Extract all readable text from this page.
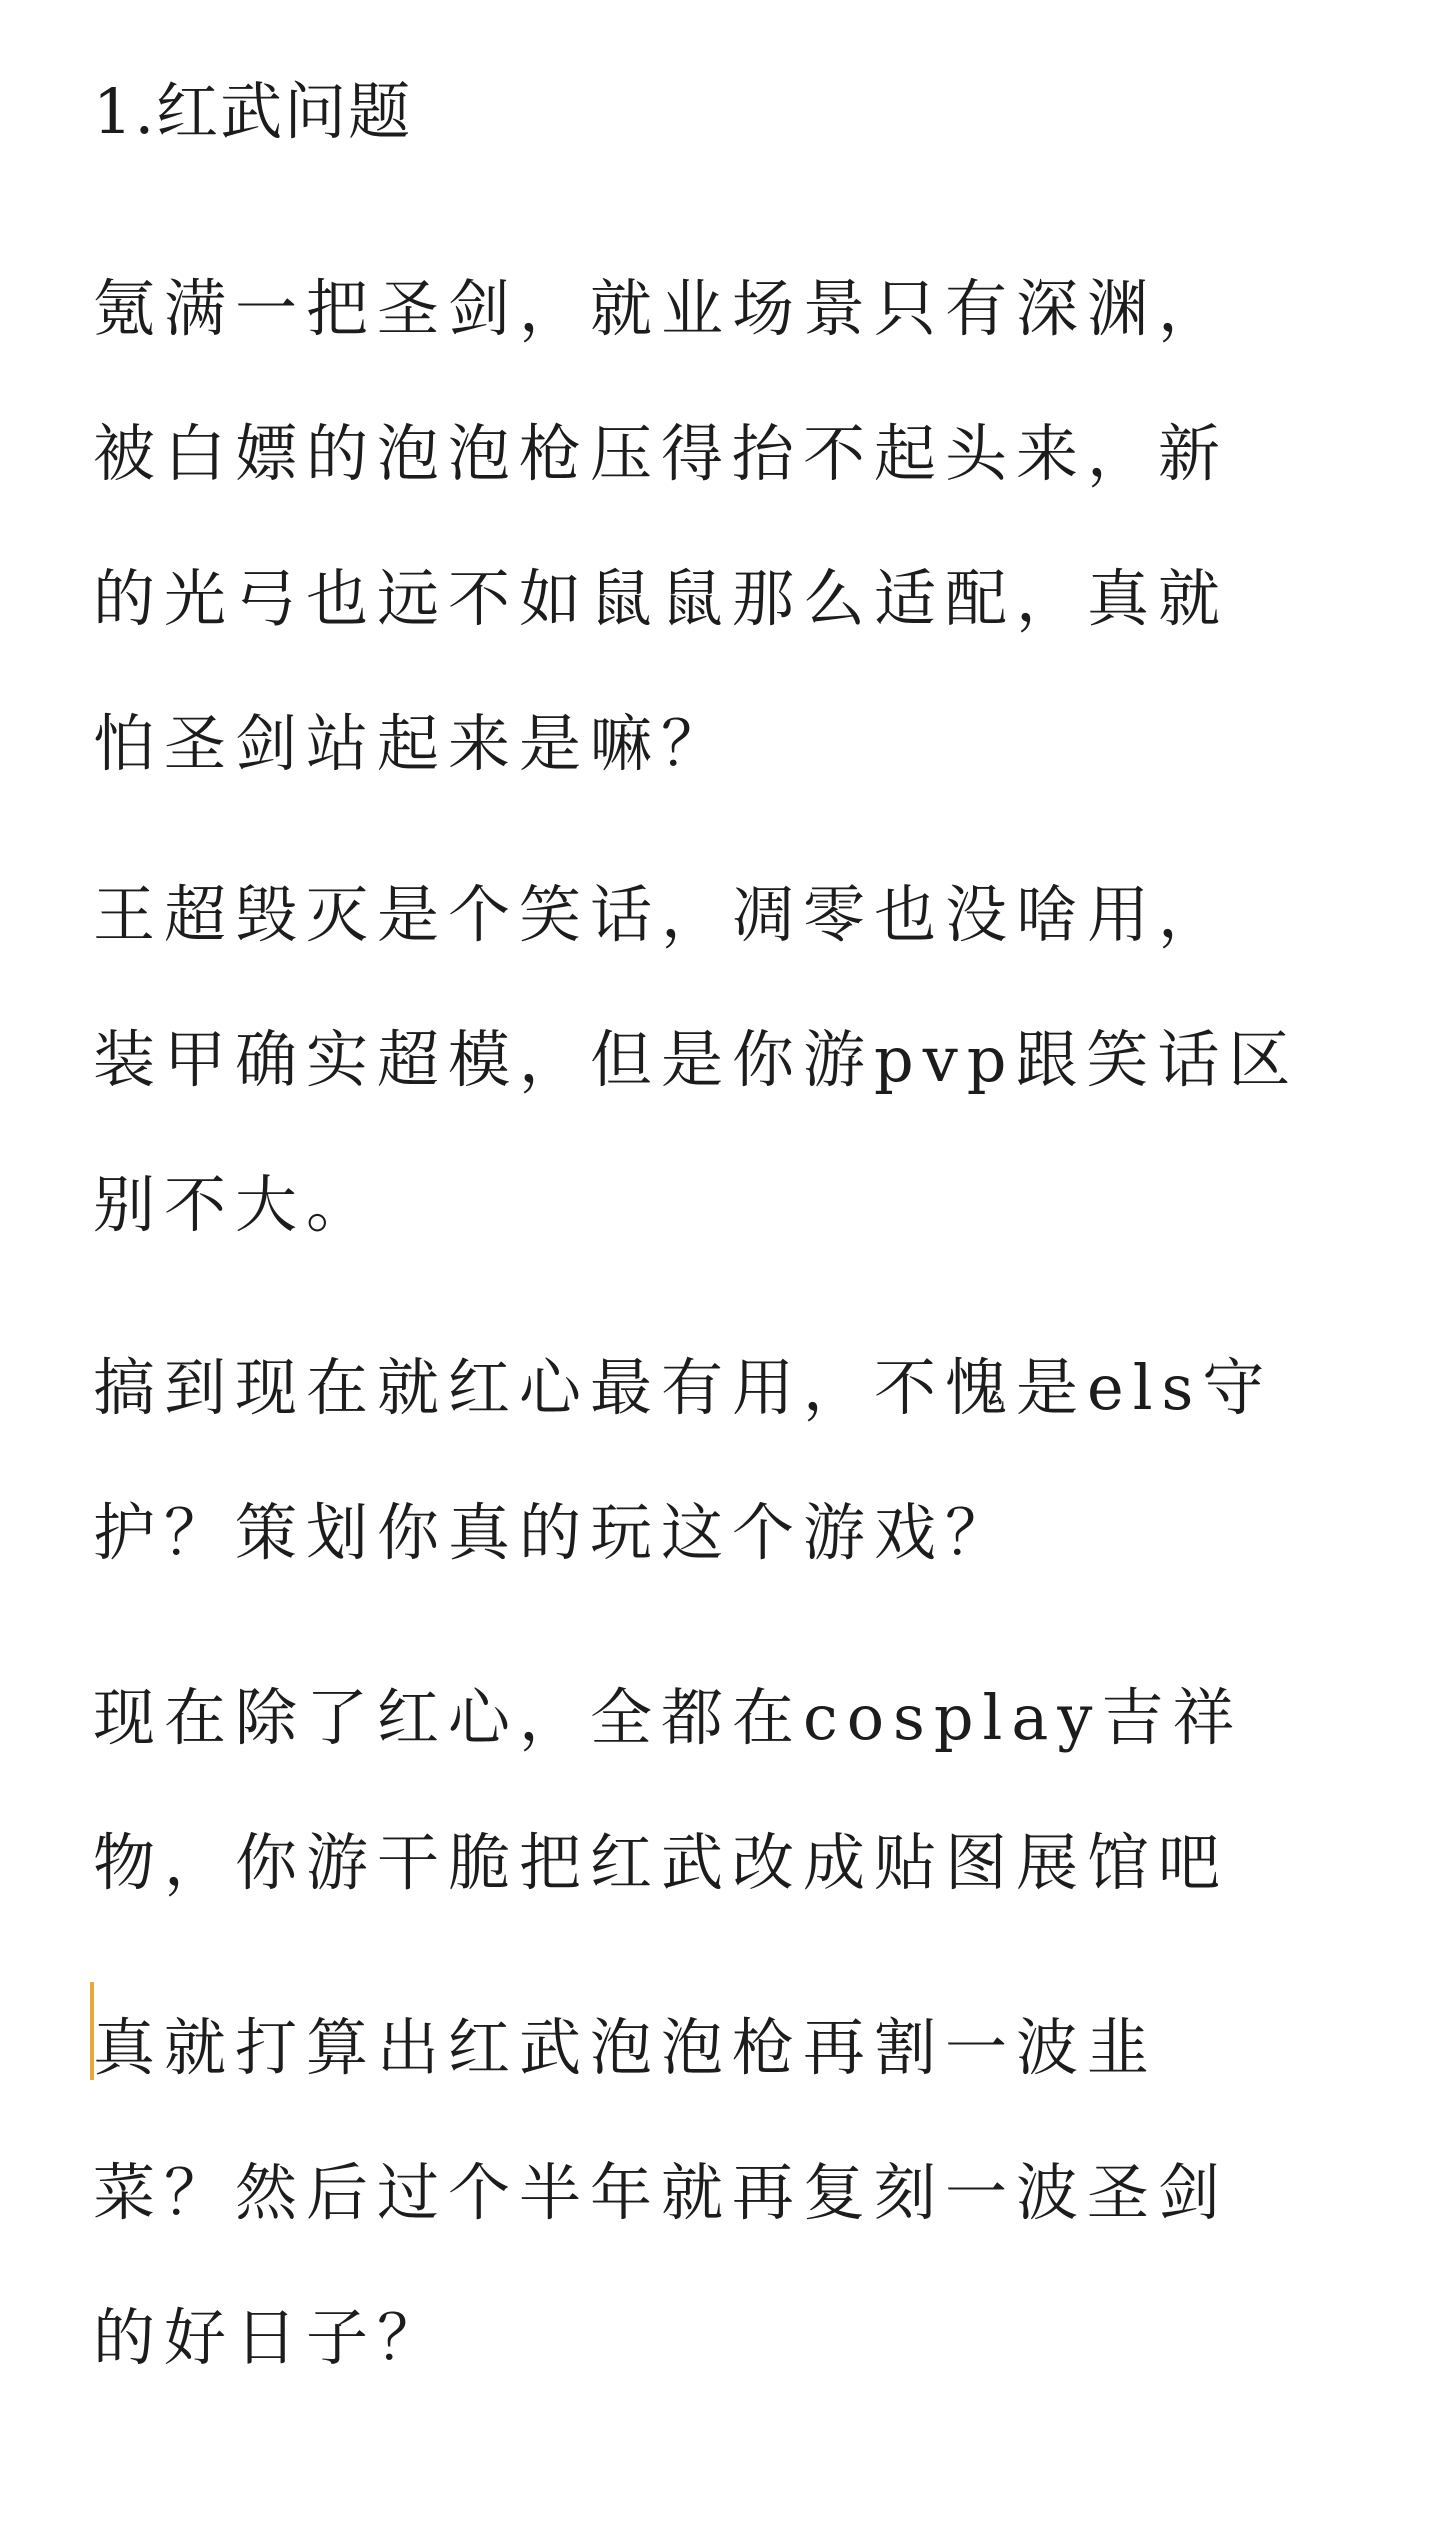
1.红武问题

氪满一把圣剑，就业场景只有深渊，
被白嫖的泡泡枪压得抬不起头来，新
的光弓也远不如鼠鼠那么适配，真就
怕圣剑站起来是嘛？

王超毁灭是个笑话，凋零也没啥用，
装甲确实超模，但是你游pvp跟笑话区
别不大。

搞到现在就红心最有用，不愧是els守
护？策划你真的玩这个游戏？

现在除了红心，全都在cosplay吉祥
物，你游干脆把红武改成贴图展馆吧

真就打算出红武泡泡枪再割一波韭
菜？然后过个半年就再复刻一波圣剑
的好日子？
